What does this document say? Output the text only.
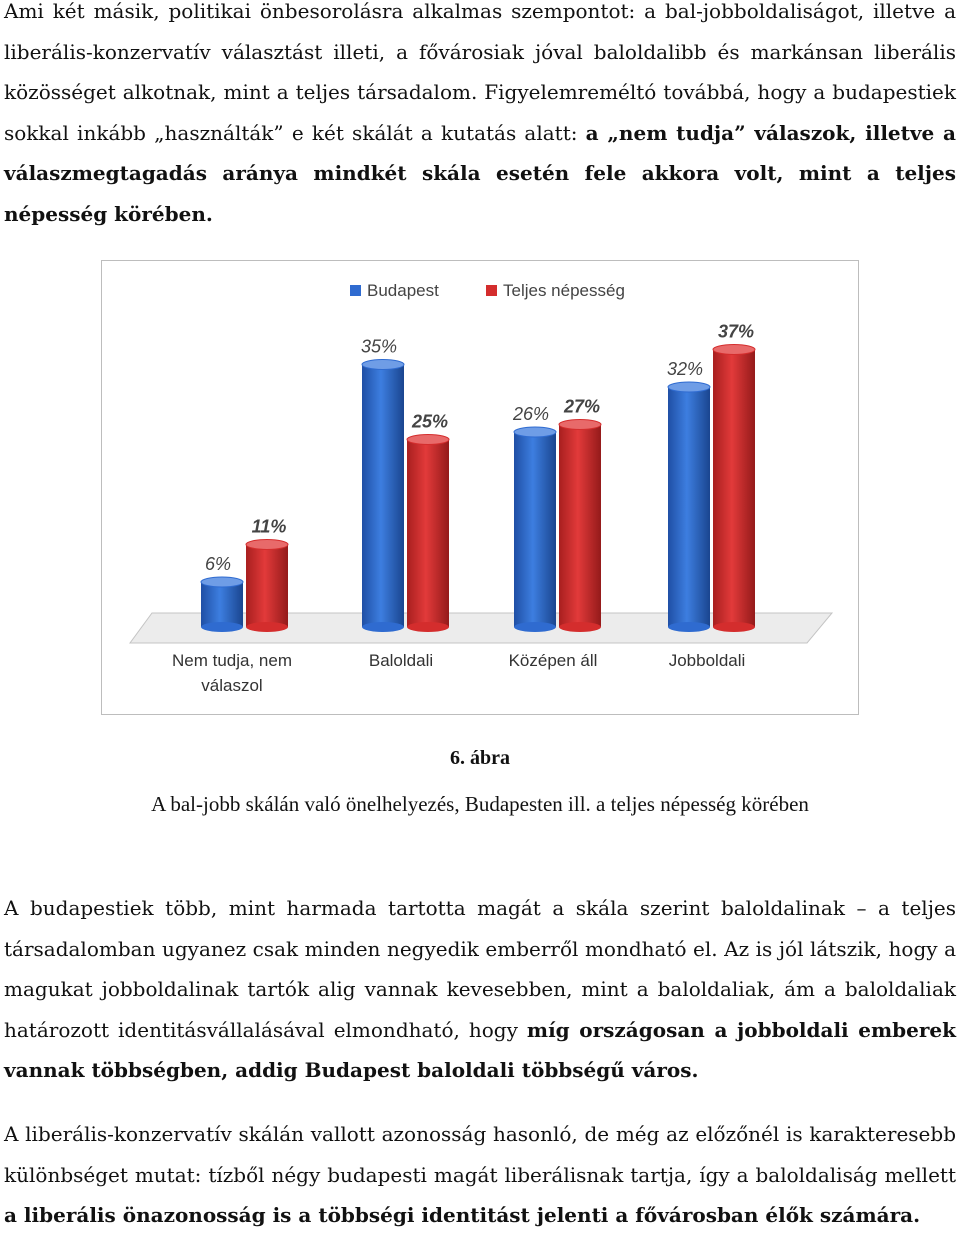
Ami két másik, politikai önbesorolásra alkalmas szempontot: a bal-jobboldaliságot, illetve a liberális-konzervatív választást illeti, a fővárosiak jóval baloldalibb és markánsan liberális közösséget alkotnak, mint a teljes társadalom. Figyelemreméltó továbbá, hogy a budapestiek sokkal inkább „használták” e két skálát a kutatás alatt: a „nem tudja” válaszok, illetve a válaszmegtagadás aránya mindkét skála esetén fele akkora volt, mint a teljes népesség körében.

6%
11%
35%
25%	26% 27%
32%
37%
Budapest	Teljes népesség
Nem tudja, nem
válaszol
Baloldali	Középen áll	Jobboldali
6. ábra
A bal-jobb skálán való önelhelyezés, Budapesten ill. a teljes népesség körében

A budapestiek több, mint harmada tartotta magát a skála szerint baloldalinak – a teljes társadalomban ugyanez csak minden negyedik emberről mondható el. Az is jól látszik, hogy a magukat jobboldalinak tartók alig vannak kevesebben, mint a baloldaliak, ám a baloldaliak határozott identitásvállalásával elmondható, hogy míg országosan a jobboldali emberek vannak többségben, addig Budapest baloldali többségű város.

A liberális-konzervatív skálán vallott azonosság hasonló, de még az előzőnél is karakteresebb különbséget mutat: tízből négy budapesti magát liberálisnak tartja, így a baloldaliság mellett a liberális önazonosság is a többségi identitást jelenti a fővárosban élők számára.
